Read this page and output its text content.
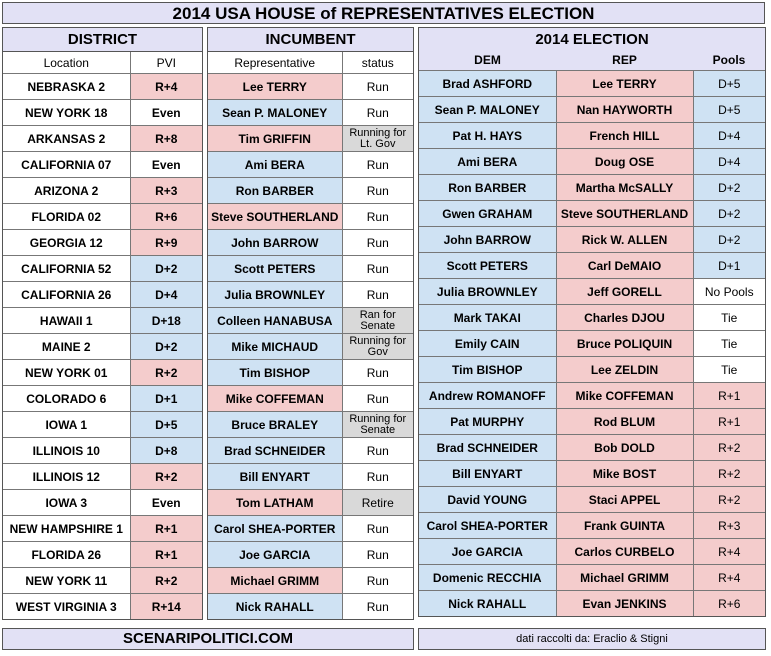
2014 USA HOUSE of REPRESENTATIVES ELECTION
DISTRICT
Location	PVI
NEBRASKA 2	R+4
NEW YORK 18	Even
ARKANSAS 2	R+8
CALIFORNIA 07	Even
ARIZONA 2	R+3
FLORIDA 02	R+6
GEORGIA 12	R+9
CALIFORNIA 52	D+2
CALIFORNIA 26	D+4
HAWAII 1	D+18
MAINE 2	D+2
NEW YORK 01	R+2
COLORADO 6	D+1
IOWA 1	D+5
ILLINOIS 10	D+8
ILLINOIS 12	R+2
IOWA 3	Even
NEW HAMPSHIRE 1	R+1
FLORIDA 26	R+1
NEW YORK 11	R+2
WEST VIRGINIA 3	R+14
INCUMBENT
Representative	status
Lee TERRY	Run
Sean P. MALONEY	Run
Tim GRIFFIN	Running for Lt. Gov
Ami BERA	Run
Ron BARBER	Run
Steve SOUTHERLAND	Run
John BARROW	Run
Scott PETERS	Run
Julia BROWNLEY	Run
Colleen HANABUSA	Ran for Senate
Mike MICHAUD	Running for Gov
Tim BISHOP	Run
Mike COFFEMAN	Run
Bruce BRALEY	Running for Senate
Brad SCHNEIDER	Run
Bill ENYART	Run
Tom LATHAM	Retire
Carol SHEA-PORTER	Run
Joe GARCIA	Run
Michael GRIMM	Run
Nick RAHALL	Run
2014 ELECTION
DEM	REP	Pools
Brad ASHFORD	Lee TERRY	D+5
Sean P. MALONEY	Nan HAYWORTH	D+5
Pat H. HAYS	French HILL	D+4
Ami BERA	Doug OSE	D+4
Ron BARBER	Martha McSALLY	D+2
Gwen GRAHAM	Steve SOUTHERLAND	D+2
John BARROW	Rick W. ALLEN	D+2
Scott PETERS	Carl DeMAIO	D+1
Julia BROWNLEY	Jeff GORELL	No Pools
Mark TAKAI	Charles DJOU	Tie
Emily CAIN	Bruce POLIQUIN	Tie
Tim BISHOP	Lee ZELDIN	Tie
Andrew ROMANOFF	Mike COFFEMAN	R+1
Pat MURPHY	Rod BLUM	R+1
Brad SCHNEIDER	Bob DOLD	R+2
Bill ENYART	Mike BOST	R+2
David YOUNG	Staci APPEL	R+2
Carol SHEA-PORTER	Frank GUINTA	R+3
Joe GARCIA	Carlos CURBELO	R+4
Domenic RECCHIA	Michael GRIMM	R+4
Nick RAHALL	Evan JENKINS	R+6
SCENARIPOLITICI.COM	dati raccolti da: Eraclio & Stigni
